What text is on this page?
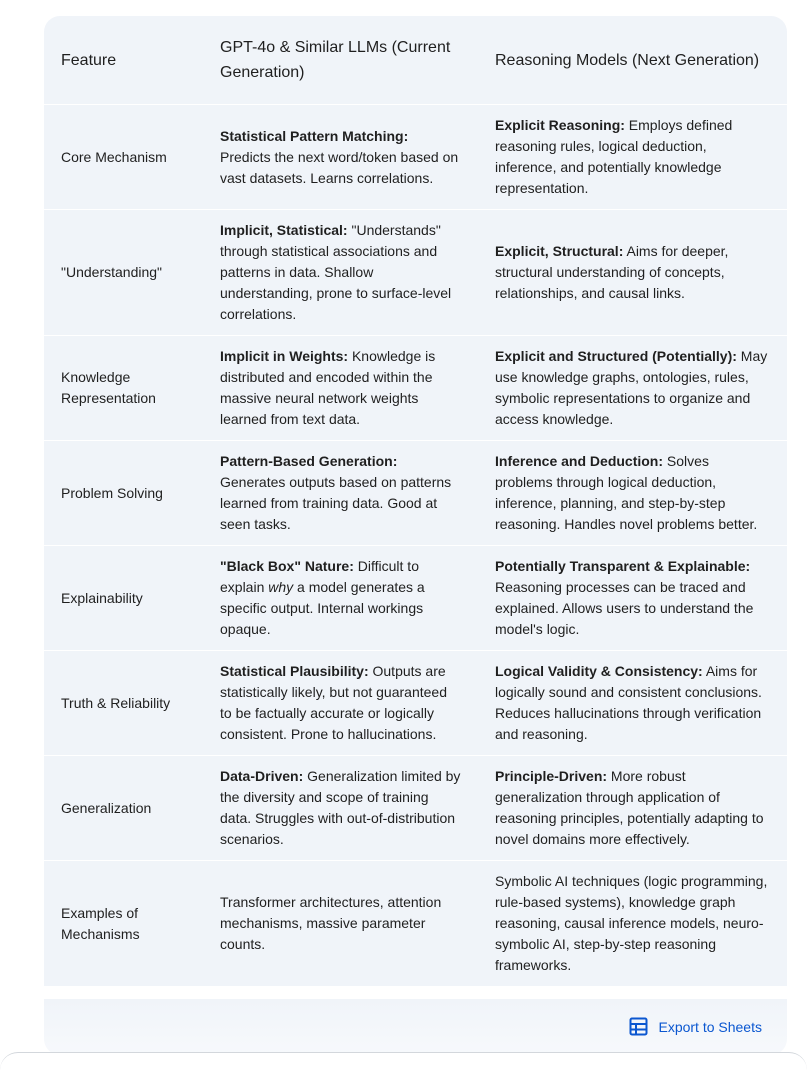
Feature	GPT-4o & Similar LLMs (Current Generation)	Reasoning Models (Next Generation)
Core Mechanism	Statistical Pattern Matching: Predicts the next word/token based on vast datasets. Learns correlations.	Explicit Reasoning: Employs defined reasoning rules, logical deduction, inference, and potentially knowledge representation.
"Understanding"	Implicit, Statistical: "Understands" through statistical associations and patterns in data. Shallow understanding, prone to surface-level correlations.	Explicit, Structural: Aims for deeper, structural understanding of concepts, relationships, and causal links.
Knowledge Representation	Implicit in Weights: Knowledge is distributed and encoded within the massive neural network weights learned from text data.	Explicit and Structured (Potentially): May use knowledge graphs, ontologies, rules, symbolic representations to organize and access knowledge.
Problem Solving	Pattern-Based Generation: Generates outputs based on patterns learned from training data. Good at seen tasks.	Inference and Deduction: Solves problems through logical deduction, inference, planning, and step-by-step reasoning. Handles novel problems better.
Explainability	"Black Box" Nature: Difficult to explain why a model generates a specific output. Internal workings opaque.	Potentially Transparent & Explainable: Reasoning processes can be traced and explained. Allows users to understand the model's logic.
Truth & Reliability	Statistical Plausibility: Outputs are statistically likely, but not guaranteed to be factually accurate or logically consistent. Prone to hallucinations.	Logical Validity & Consistency: Aims for logically sound and consistent conclusions. Reduces hallucinations through verification and reasoning.
Generalization	Data-Driven: Generalization limited by the diversity and scope of training data. Struggles with out-of-distribution scenarios.	Principle-Driven: More robust generalization through application of reasoning principles, potentially adapting to novel domains more effectively.
Examples of Mechanisms	Transformer architectures, attention mechanisms, massive parameter counts.	Symbolic AI techniques (logic programming, rule-based systems), knowledge graph reasoning, causal inference models, neuro-symbolic AI, step-by-step reasoning frameworks.
Export to Sheets
